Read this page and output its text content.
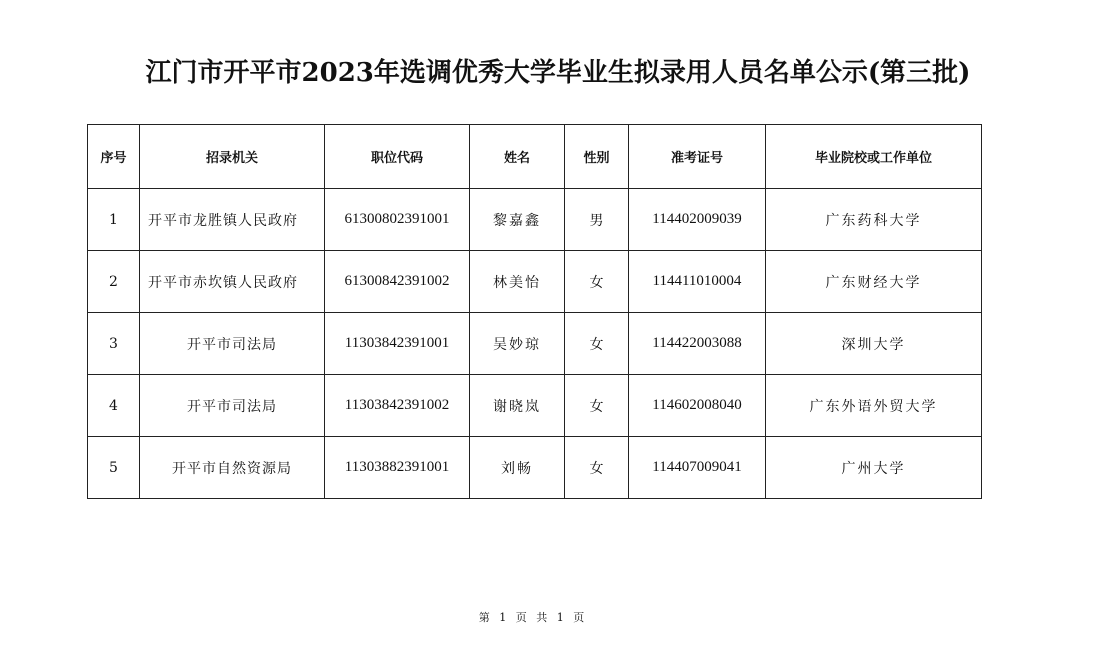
江门市开平市2023年选调优秀大学毕业生拟录用人员名单公示(第三批)
序号	招录机关	职位代码	姓名	性别	准考证号	毕业院校或工作单位
1	开平市龙胜镇人民政府	61300802391001	黎嘉鑫	男	114402009039	广东药科大学
2	开平市赤坎镇人民政府	61300842391002	林美怡	女	114411010004	广东财经大学
3	开平市司法局	11303842391001	吴妙琼	女	114422003088	深圳大学
4	开平市司法局	11303842391002	谢晓岚	女	114602008040	广东外语外贸大学
5	开平市自然资源局	11303882391001	刘畅	女	114407009041	广州大学
第 1 页 共 1 页
